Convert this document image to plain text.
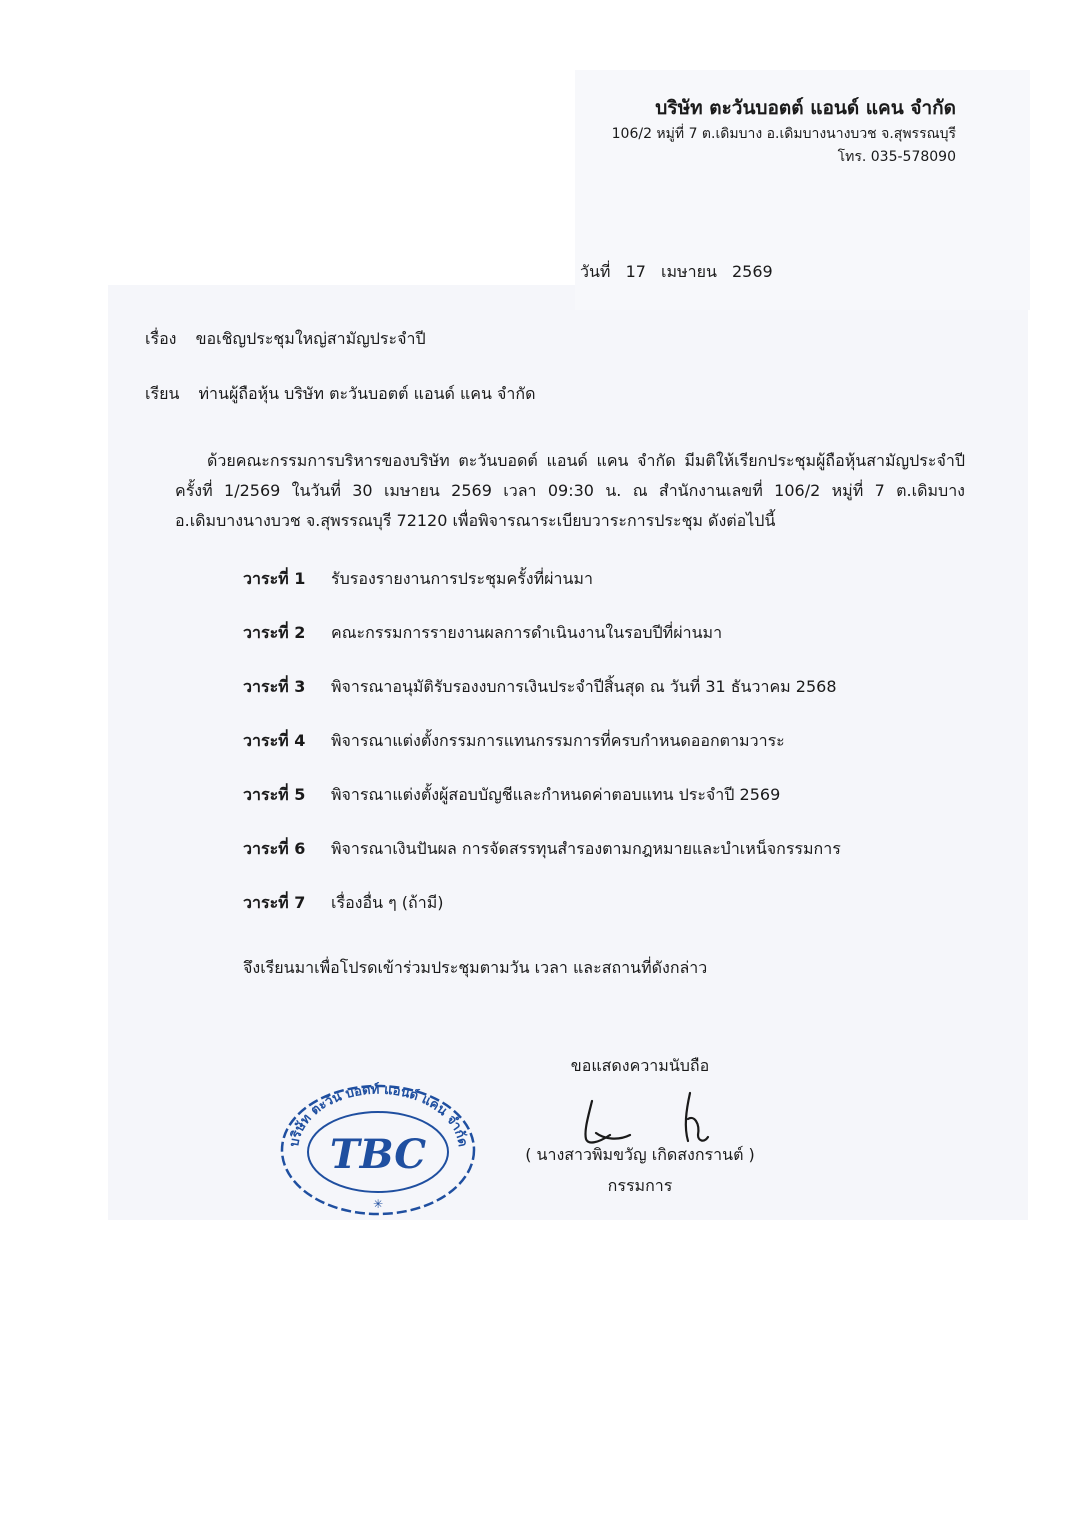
บริษัท ตะวันบอตต์ แอนด์ แคน จำกัด
106/2 หมู่ที่ 7 ต.เดิมบาง อ.เดิมบางนางบวช จ.สุพรรณบุรี
โทร. 035-578090
วันที่ 17 เมษายน 2569
เรื่อง ขอเชิญประชุมใหญ่สามัญประจำปี
เรียน ท่านผู้ถือหุ้น บริษัท ตะวันบอตต์ แอนด์ แคน จำกัด
ด้วยคณะกรรมการบริหารของบริษัท ตะวันบอดต์ แอนด์ แคน จำกัด มีมติให้เรียกประชุมผู้ถือหุ้นสามัญประจำปี ครั้งที่ 1/2569 ในวันที่ 30 เมษายน 2569 เวลา 09:30 น. ณ สำนักงานเลขที่ 106/2 หมู่ที่ 7 ต.เดิมบาง อ.เดิมบางนางบวช จ.สุพรรณบุรี 72120 เพื่อพิจารณาระเบียบวาระการประชุม ดังต่อไปนี้
วาระที่ 1	รับรองรายงานการประชุมครั้งที่ผ่านมา
วาระที่ 2	คณะกรรมการรายงานผลการดำเนินงานในรอบปีที่ผ่านมา
วาระที่ 3	พิจารณาอนุมัติรับรองงบการเงินประจำปีสิ้นสุด ณ วันที่ 31 ธันวาคม 2568
วาระที่ 4	พิจารณาแต่งตั้งกรรมการแทนกรรมการที่ครบกำหนดออกตามวาระ
วาระที่ 5	พิจารณาแต่งตั้งผู้สอบบัญชีและกำหนดค่าตอบแทน ประจำปี 2569
วาระที่ 6	พิจารณาเงินปันผล การจัดสรรทุนสำรองตามกฎหมายและบำเหน็จกรรมการ
วาระที่ 7	เรื่องอื่น ๆ (ถ้ามี)
จึงเรียนมาเพื่อโปรดเข้าร่วมประชุมตามวัน เวลา และสถานที่ดังกล่าว
ขอแสดงความนับถือ
( นางสาวพิมขวัญ เกิดสงกรานต์ )
กรรมการ
บริษัท ตะวัน บอดท์ แอนด์ แคน จำกัด
TBC
✳
